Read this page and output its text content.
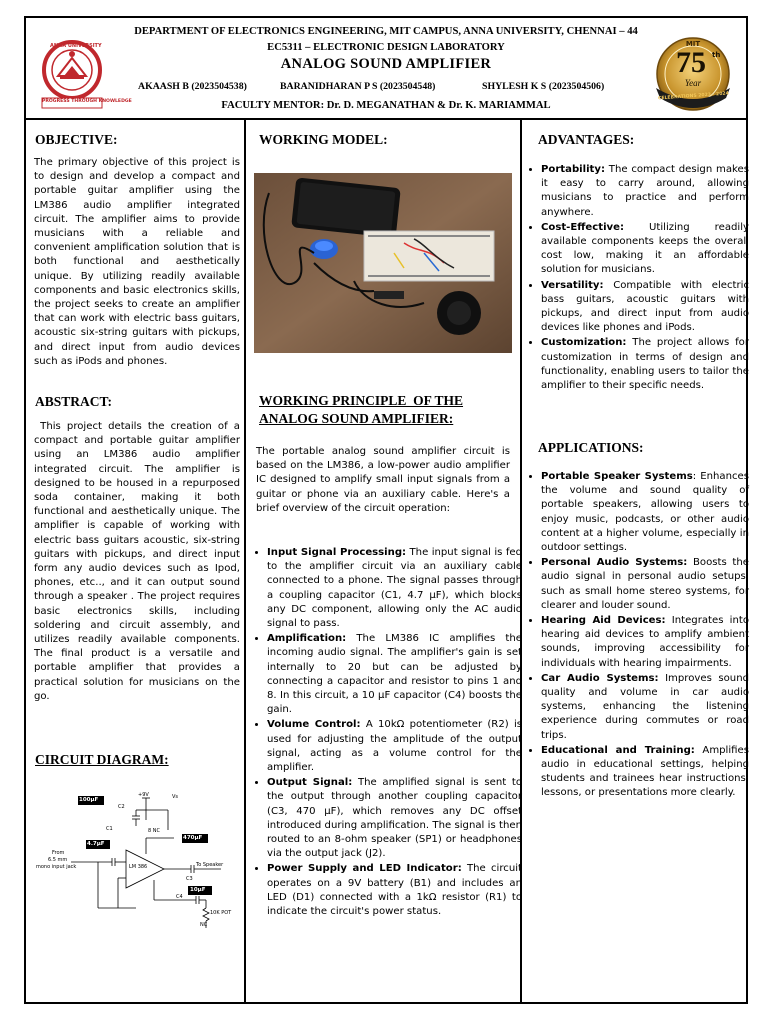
DEPARTMENT OF ELECTRONICS ENGINEERING, MIT CAMPUS, ANNA UNIVERSITY, CHENNAI – 44
EC5311 – ELECTRONIC DESIGN LABORATORY
ANALOG SOUND AMPLIFIER
AKAASH B (2023504538)	BARANIDHARAN P S (2023504548)	SHYLESH K S (2023504506)
FACULTY MENTOR: Dr. D. MEGANATHAN & Dr. K. MARIAMMAL
PROGRESS THROUGH KNOWLEDGE
ANNA UNIVERSITY	MIT
75 th
Year
CELEBRATIONS 2023 - 2024
OBJECTIVE:

The primary objective of this project is to design and develop a compact and portable guitar amplifier using the LM386 audio amplifier integrated circuit. The amplifier aims to provide musicians with a reliable and convenient amplification solution that is both functional and aesthetically unique. By utilizing readily available components and basic electronics skills, the project seeks to create an amplifier that can work with electric bass guitars, acoustic six-string guitars with pickups, and direct input from audio devices such as iPods and phones.

ABSTRACT:

This project details the creation of a compact and portable guitar amplifier using an LM386 audio amplifier integrated circuit. The amplifier is designed to be housed in a repurposed soda container, making it both functional and aesthetically unique. The amplifier is capable of working with electric bass guitars acoustic, six-string guitars with pickups, and direct input form any audio devices such as Ipod, phones, etc.., and it can output sound through a speaker . The project requires basic electronics skills, including soldering and circuit assembly, and utilizes readily available components. The final product is a versatile and portable amplifier that provides a practical solution for musicians on the go.

CIRCUIT DIAGRAM:
+9V	Vs
100μF
C2
C1
4.7μF
LM 386
8 NC
470μF
C3
C4
10μF
10K POT
NC
From
6.5 mm
mono input jack	To Speaker
WORKING MODEL:
WORKING PRINCIPLE  OF THE
ANALOG SOUND AMPLIFIER:

The portable analog sound amplifier circuit is based on the LM386, a low-power audio amplifier IC designed to amplify small input signals from a guitar or phone via an auxiliary cable. Here's a brief overview of the circuit operation:

• Input Signal Processing: The input signal is fed to the amplifier circuit via an auxiliary cable connected to a phone. The signal passes through a coupling capacitor (C1, 4.7 μF), which blocks any DC component, allowing only the AC audio signal to pass.
• Amplification: The LM386 IC amplifies the incoming audio signal. The amplifier's gain is set internally to 20 but can be adjusted by connecting a capacitor and resistor to pins 1 and 8. In this circuit, a 10 μF capacitor (C4) boosts the gain.
• Volume Control: A 10kΩ potentiometer (R2) is used for adjusting the amplitude of the output signal, acting as a volume control for the amplifier.
• Output Signal: The amplified signal is sent to the output through another coupling capacitor (C3, 470 μF), which removes any DC offset introduced during amplification. The signal is then routed to an 8-ohm speaker (SP1) or headphones via the output jack (J2).
• Power Supply and LED Indicator: The circuit operates on a 9V battery (B1) and includes an LED (D1) connected with a 1kΩ resistor (R1) to indicate the circuit's power status.
ADVANTAGES:
• Portability: The compact design makes it easy to carry around, allowing musicians to practice and perform anywhere.
• Cost-Effective: Utilizing readily available components keeps the overall cost low, making it an affordable solution for musicians.
• Versatility: Compatible with electric bass guitars, acoustic guitars with pickups, and direct input from audio devices like phones and iPods.
• Customization: The project allows for customization in terms of design and functionality, enabling users to tailor the amplifier to their specific needs.
APPLICATIONS:
• Portable Speaker Systems: Enhances the volume and sound quality of portable speakers, allowing users to enjoy music, podcasts, or other audio content at a higher volume, especially in outdoor settings.
• Personal Audio Systems: Boosts the audio signal in personal audio setups, such as small home stereo systems, for clearer and louder sound.
• Hearing Aid Devices: Integrates into hearing aid devices to amplify ambient sounds, improving accessibility for individuals with hearing impairments.
• Car Audio Systems: Improves sound quality and volume in car audio systems, enhancing the listening experience during commutes or road trips.
• Educational and Training: Amplifies audio in educational settings, helping students and trainees hear instructions, lessons, or presentations more clearly.
